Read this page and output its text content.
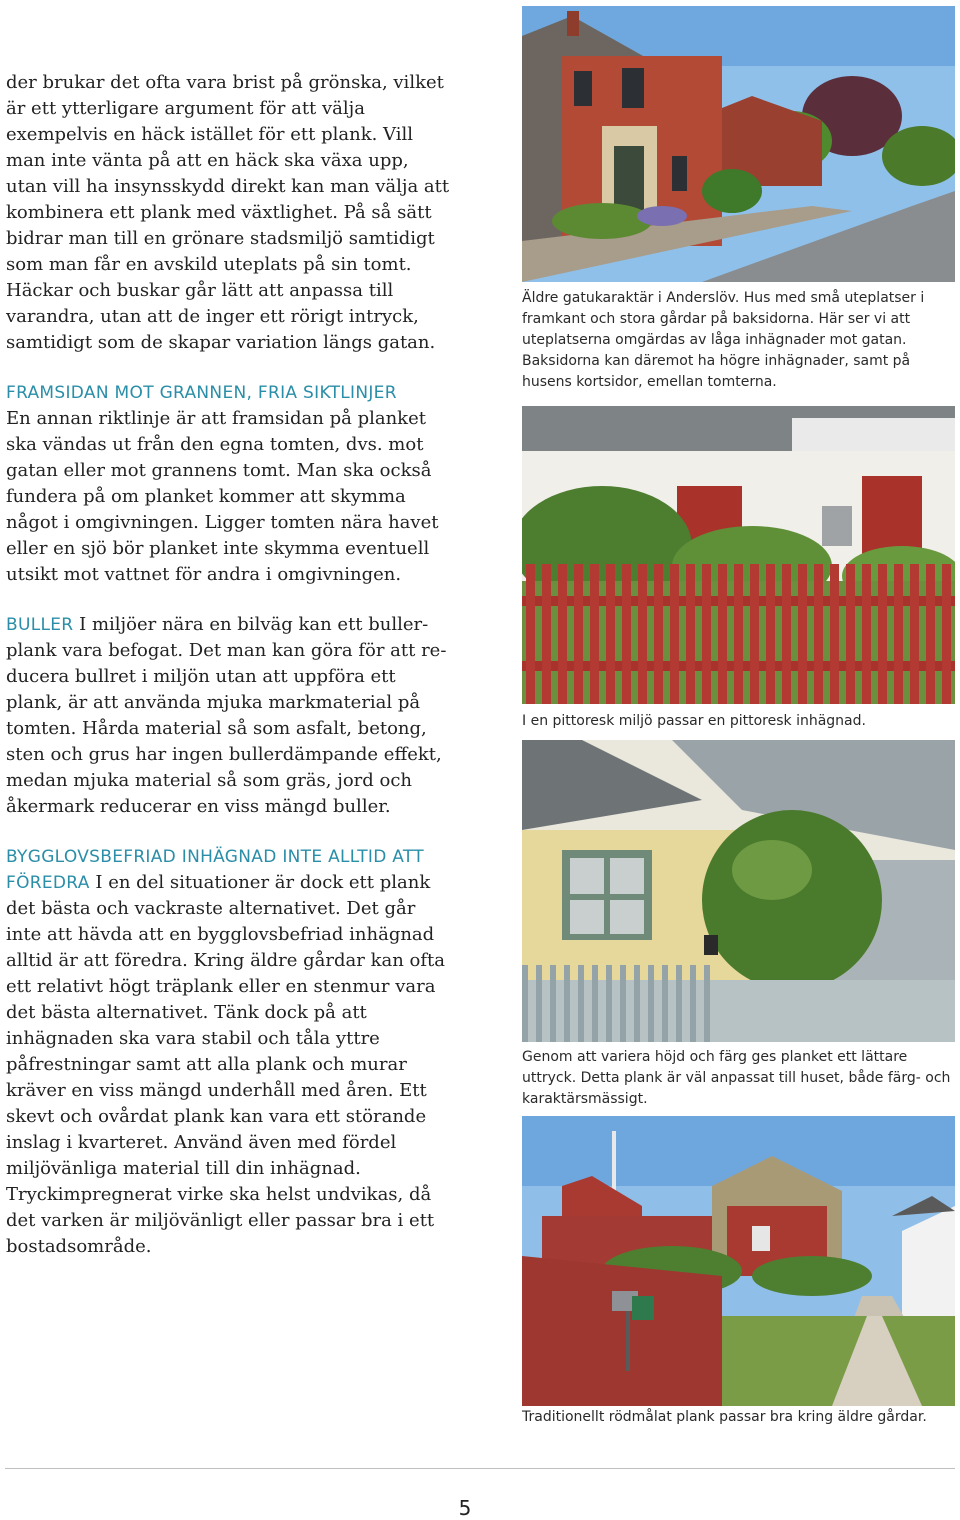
der brukar det ofta vara brist på grönska, vilket är ett ytterligare argument för att välja exempelvis en häck istället för ett plank. Vill man inte vänta på att en häck ska växa upp, utan vill ha insynsskydd direkt kan man välja att kombinera ett plank med växtlighet. På så sätt bidrar man till en grönare stadsmiljö samtidigt som man får en avskild uteplats på sin tomt. Häckar och buskar går lätt att anpassa till varandra, utan att de inger ett rörigt intryck, samtidigt som de skapar variation längs gatan.

FRAMSIDAN MOT GRANNEN, FRIA SIKTLINJER
En annan riktlinje är att framsidan på planket ska vändas ut från den egna tomten, dvs. mot gatan eller mot grannens tomt. Man ska också fundera på om planket kommer att skymma något i omgivningen. Ligger tomten nära havet eller en sjö bör planket inte skymma eventuell utsikt mot vattnet för andra i omgivningen.

BULLER I miljöer nära en bilväg kan ett bullerplank vara befogat. Det man kan göra för att reducera bullret i miljön utan att uppföra ett plank, är att använda mjuka markmaterial på tomten. Hårda material så som asfalt, betong, sten och grus har ingen bullerdämpande effekt, medan mjuka material så som gräs, jord och åkermark reducerar en viss mängd buller.

BYGGLOVSBEFRIAD INHÄGNAD INTE ALLTID ATT FÖREDRA I en del situationer är dock ett plank det bästa och vackraste alternativet. Det går inte att hävda att en bygglovsbefriad inhägnad alltid är att föredra. Kring äldre gårdar kan ofta ett relativt högt träplank eller en stenmur vara det bästa alternativet. Tänk dock på att inhägnaden ska vara stabil och tåla yttre påfrestningar samt att alla plank och murar kräver en viss mängd underhåll med åren. Ett skevt och ovårdat plank kan vara ett störande inslag i kvarteret. Använd även med fördel miljövänliga material till din inhägnad. Tryckimpregnerat virke ska helst undvikas, då det varken är miljövänligt eller passar bra i ett bostadsområde.

Äldre gatukaraktär i Anderslöv. Hus med små uteplatser i framkant och stora gårdar på baksidorna. Här ser vi att uteplatserna omgärdas av låga inhägnader mot gatan. Baksidorna kan däremot ha högre inhägnader, samt på husens kortsidor, emellan tomterna.
I en pittoresk miljö passar en pittoresk inhägnad.
Genom att variera höjd och färg ges planket ett lättare uttryck. Detta plank är väl anpassat till huset, både färg- och karaktärsmässigt.
Traditionellt rödmålat plank passar bra kring äldre gårdar.
5
